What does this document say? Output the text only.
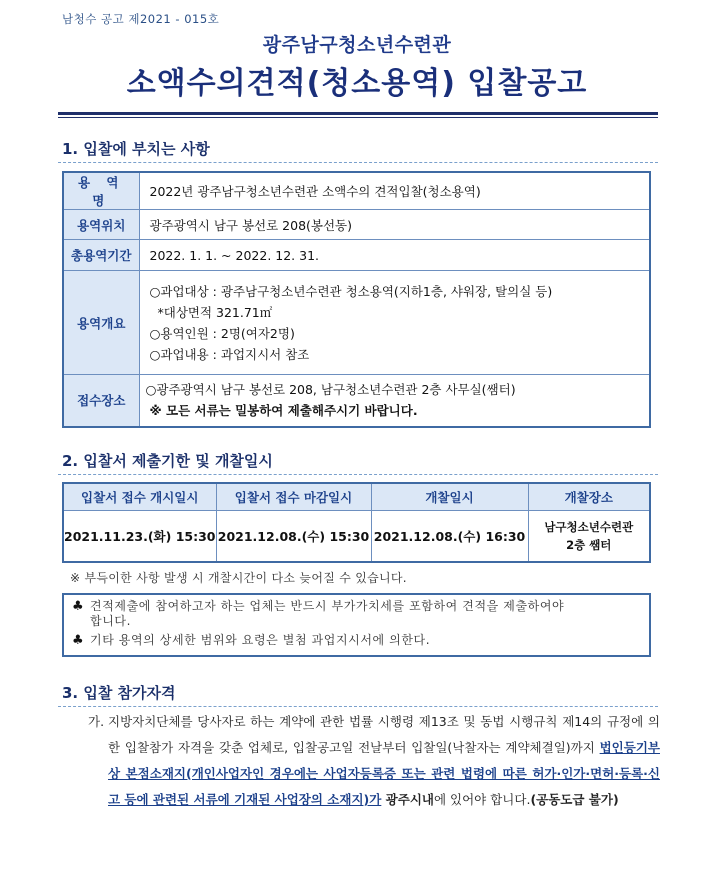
남청수 공고 제2021 - 015호
광주남구청소년수련관
소액수의견적(청소용역) 입찰공고
1. 입찰에 부치는 사항
용 역 명	2022년 광주남구청소년수련관 소액수의 견적입찰(청소용역)
용역위치	광주광역시 남구 봉선로 208(봉선동)
총용역기간	2022. 1. 1. ~ 2022. 12. 31.
용역개요	○과업대상 : 광주남구청소년수련관 청소용역(지하1층, 샤워장, 탈의실 등)
*대상면적 321.71㎡
○용역인원 : 2명(여자2명)
○과업내용 : 과업지시서 참조

접수장소	○광주광역시 남구 봉선로 208, 남구청소년수련관 2층 사무실(쌤터)
※ 모든 서류는 밀봉하여 제출해주시기 바랍니다.
2. 입찰서 제출기한 및 개찰일시
입찰서 접수 개시일시	입찰서 접수 마감일시	개찰일시	개찰장소
2021.11.23.(화) 15:30	2021.12.08.(수) 15:30	2021.12.08.(수) 16:30	남구청소년수련관
2층 쌤터
※ 부득이한 사항 발생 시 개찰시간이 다소 늦어질 수 있습니다.
♣ 견적제출에 참여하고자 하는 업체는 반드시 부가가치세를 포함하여 견적을 제출하여야
합니다.
♣ 기타 용역의 상세한 범위와 요령은 별첨 과업지시서에 의한다.
3. 입찰 참가자격
가. 지방자치단체를 당사자로 하는 계약에 관한 법률 시행령 제13조 및 동법 시행규칙 제14의 규정에 의한 입찰참가 자격을 갖춘 업체로, 입찰공고일 전날부터 입찰일(낙찰자는 계약체결일)까지 법인등기부상 본점소재지(개인사업자인 경우에는 사업자등록증 또는 관련 법령에 따른 허가·인가·면허·등록·신고 등에 관련된 서류에 기재된 사업장의 소재지)가 광주시내에 있어야 합니다.(공동도급 불가)
